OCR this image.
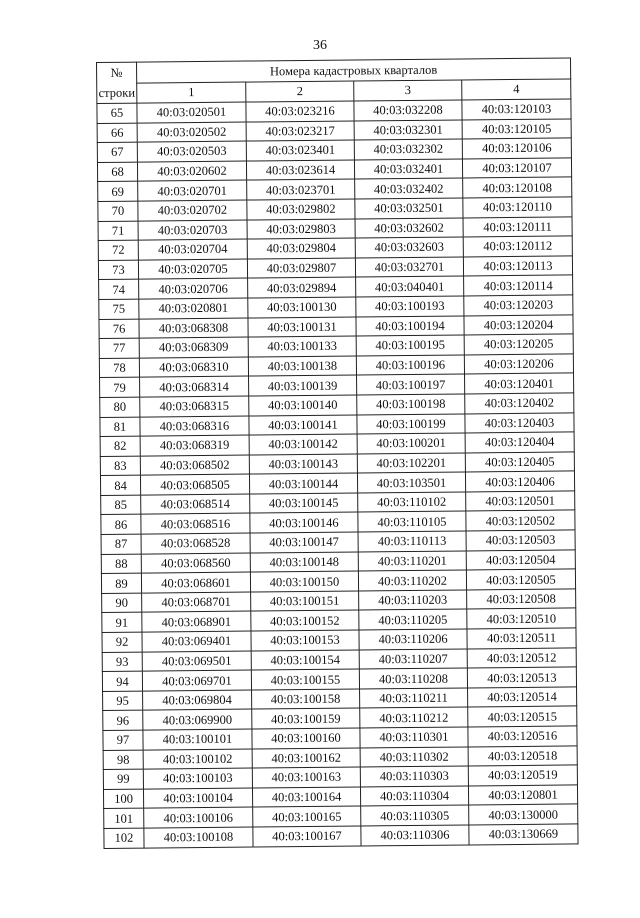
36
№
строки	Номера кадастровых кварталов			
	1	2	3	4
65	40:03:020501	40:03:023216	40:03:032208	40:03:120103
66	40:03:020502	40:03:023217	40:03:032301	40:03:120105
67	40:03:020503	40:03:023401	40:03:032302	40:03:120106
68	40:03:020602	40:03:023614	40:03:032401	40:03:120107
69	40:03:020701	40:03:023701	40:03:032402	40:03:120108
70	40:03:020702	40:03:029802	40:03:032501	40:03:120110
71	40:03:020703	40:03:029803	40:03:032602	40:03:120111
72	40:03:020704	40:03:029804	40:03:032603	40:03:120112
73	40:03:020705	40:03:029807	40:03:032701	40:03:120113
74	40:03:020706	40:03:029894	40:03:040401	40:03:120114
75	40:03:020801	40:03:100130	40:03:100193	40:03:120203
76	40:03:068308	40:03:100131	40:03:100194	40:03:120204
77	40:03:068309	40:03:100133	40:03:100195	40:03:120205
78	40:03:068310	40:03:100138	40:03:100196	40:03:120206
79	40:03:068314	40:03:100139	40:03:100197	40:03:120401
80	40:03:068315	40:03:100140	40:03:100198	40:03:120402
81	40:03:068316	40:03:100141	40:03:100199	40:03:120403
82	40:03:068319	40:03:100142	40:03:100201	40:03:120404
83	40:03:068502	40:03:100143	40:03:102201	40:03:120405
84	40:03:068505	40:03:100144	40:03:103501	40:03:120406
85	40:03:068514	40:03:100145	40:03:110102	40:03:120501
86	40:03:068516	40:03:100146	40:03:110105	40:03:120502
87	40:03:068528	40:03:100147	40:03:110113	40:03:120503
88	40:03:068560	40:03:100148	40:03:110201	40:03:120504
89	40:03:068601	40:03:100150	40:03:110202	40:03:120505
90	40:03:068701	40:03:100151	40:03:110203	40:03:120508
91	40:03:068901	40:03:100152	40:03:110205	40:03:120510
92	40:03:069401	40:03:100153	40:03:110206	40:03:120511
93	40:03:069501	40:03:100154	40:03:110207	40:03:120512
94	40:03:069701	40:03:100155	40:03:110208	40:03:120513
95	40:03:069804	40:03:100158	40:03:110211	40:03:120514
96	40:03:069900	40:03:100159	40:03:110212	40:03:120515
97	40:03:100101	40:03:100160	40:03:110301	40:03:120516
98	40:03:100102	40:03:100162	40:03:110302	40:03:120518
99	40:03:100103	40:03:100163	40:03:110303	40:03:120519
100	40:03:100104	40:03:100164	40:03:110304	40:03:120801
101	40:03:100106	40:03:100165	40:03:110305	40:03:130000
102	40:03:100108	40:03:100167	40:03:110306	40:03:130669
